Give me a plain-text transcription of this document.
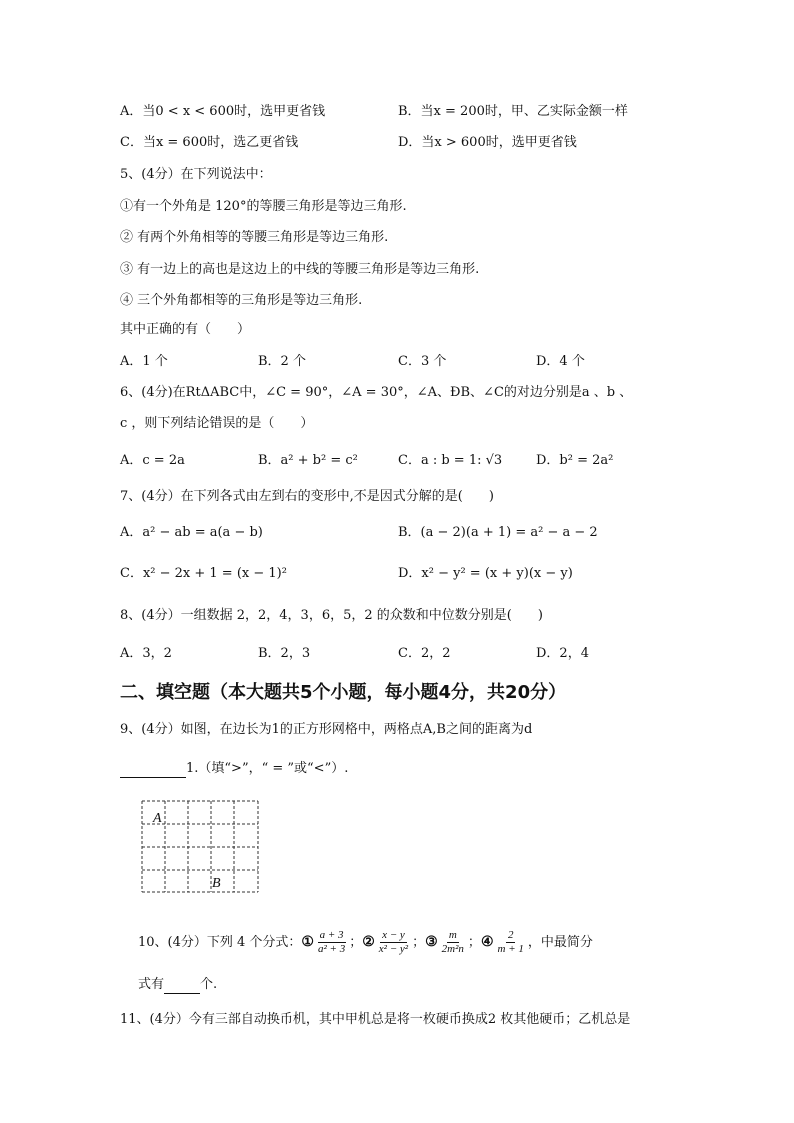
A．当0 < x < 600时，选甲更省钱	B．当x = 200时，甲、乙实际金额一样
C．当x = 600时，选乙更省钱	D．当x > 600时，选甲更省钱
5、(4分）在下列说法中：
①有一个外角是 120°的等腰三角形是等边三角形.
② 有两个外角相等的等腰三角形是等边三角形.
③ 有一边上的高也是这边上的中线的等腰三角形是等边三角形.
④ 三个外角都相等的三角形是等边三角形.
其中正确的有（　　）
A．1 个	B．2 个	C．3 个	D．4 个
6、(4分)在RtΔABC中，∠C = 90°，∠A = 30°，∠A、ÐB、∠C的对边分别是a 、b 、
c ，则下列结论错误的是（　　）
A．c = 2a	B．a² + b² = c²	C．a : b = 1: √3	D．b² = 2a²
7、(4分）在下列各式由左到右的变形中,不是因式分解的是(　　)
A．a² − ab = a(a − b)	B．(a − 2)(a + 1) = a² − a − 2
C．x² − 2x + 1 = (x − 1)²	D．x² − y² = (x + y)(x − y)
8、(4分）一组数据 2，2，4，3，6，5，2 的众数和中位数分别是(　　)
A．3，2	B．2，3	C．2，2	D．2，4
二、填空题（本大题共5个小题，每小题4分，共20分）
9、(4分）如图，在边长为1的正方形网格中，两格点A,B之间的距离为d
1.（填“>”，“ = ”或“<”）.
A
B
10、(4分）下列 4 个分式：① $\frac{a + 3}{\text{a² + 3}}$ ；② $\frac{x - y}{\text{x² − y²}}$ ；③ $\frac{m}{\text{2m²n}}$ ；④ $\frac{2}{m + 1}$ ，中最简分
式有	个.
11、(4分）今有三部自动换币机，其中甲机总是将一枚硬币换成2 枚其他硬币；乙机总是
